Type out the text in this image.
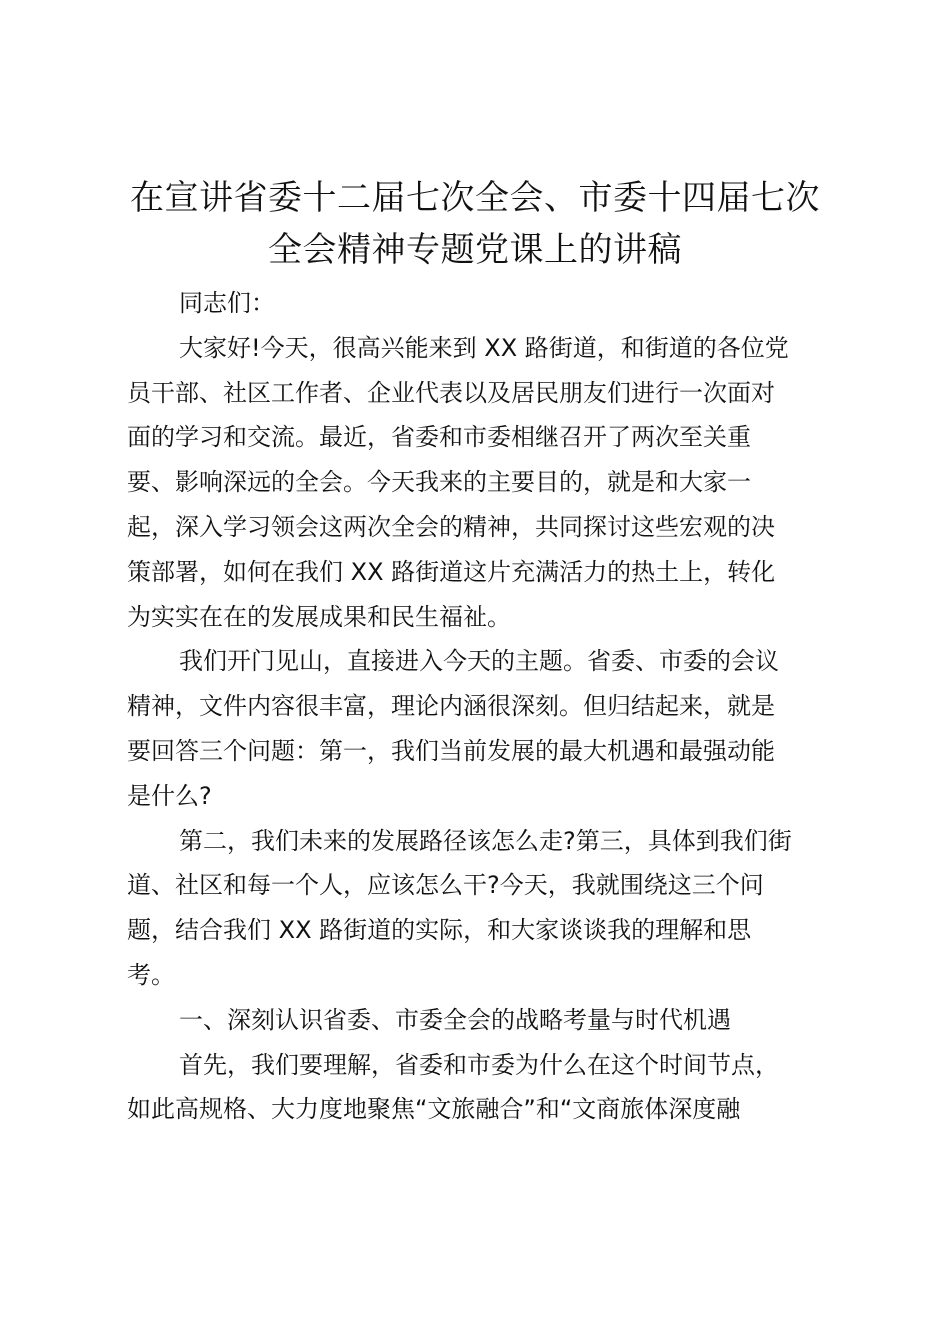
在宣讲省委十二届七次全会、市委十四届七次
全会精神专题党课上的讲稿

同志们：

大家好!今天，很高兴能来到 XX 路街道，和街道的各位党
员干部、社区工作者、企业代表以及居民朋友们进行一次面对
面的学习和交流。最近，省委和市委相继召开了两次至关重
要、影响深远的全会。今天我来的主要目的，就是和大家一
起，深入学习领会这两次全会的精神，共同探讨这些宏观的决
策部署，如何在我们 XX 路街道这片充满活力的热土上，转化
为实实在在的发展成果和民生福祉。

我们开门见山，直接进入今天的主题。省委、市委的会议
精神，文件内容很丰富，理论内涵很深刻。但归结起来，就是
要回答三个问题：第一，我们当前发展的最大机遇和最强动能
是什么?

第二，我们未来的发展路径该怎么走?第三，具体到我们街
道、社区和每一个人，应该怎么干?今天，我就围绕这三个问
题，结合我们 XX 路街道的实际，和大家谈谈我的理解和思
考。

一、深刻认识省委、市委全会的战略考量与时代机遇

首先，我们要理解，省委和市委为什么在这个时间节点，
如此高规格、大力度地聚焦“文旅融合”和“文商旅体深度融
